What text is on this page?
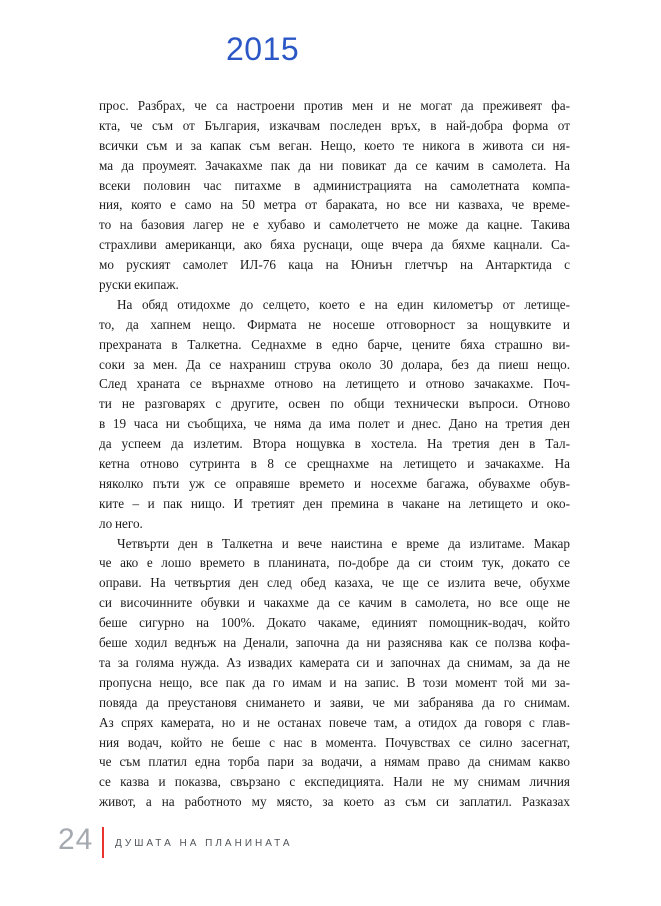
2015
прос. Разбрах, че са настроени против мен и не могат да преживеят фа-
кта, че съм от България, изкачвам последен връх, в най-добра форма от
всички съм и за капак съм веган. Нещо, което те никога в живота си ня-
ма да проумеят. Зачакахме пак да ни повикат да се качим в самолета. На
всеки половин час питахме в администрацията на самолетната компа-
ния, която е само на 50 метра от бараката, но все ни казваха, че време-
то на базовия лагер не е хубаво и самолетчето не може да кацне. Такива
страхливи американци, ако бяха руснаци, още вчера да бяхме кацнали. Са-
мо руският самолет ИЛ-76 каца на Юниън глетчър на Антарктида с
руски екипаж.
На обяд отидохме до селцето, което е на един километър от летище-
то, да хапнем нещо. Фирмата не носеше отговорност за нощувките и
прехраната в Талкетна. Седнахме в едно барче, цените бяха страшно ви-
соки за мен. Да се нахраниш струва около 30 долара, без да пиеш нещо.
След храната се върнахме отново на летището и отново зачакахме. Поч-
ти не разговарях с другите, освен по общи технически въпроси. Отново
в 19 часа ни съобщиха, че няма да има полет и днес. Дано на третия ден
да успеем да излетим. Втора нощувка в хостела. На третия ден в Тал-
кетна отново сутринта в 8 се срещнахме на летището и зачакахме. На
няколко пъти уж се оправяше времето и носехме багажа, обувахме обув-
ките – и пак нищо. И третият ден премина в чакане на летището и око-
ло него.
Четвърти ден в Талкетна и вече наистина е време да излитаме. Макар
че ако е лошо времето в планината, по-добре да си стоим тук, докато се
оправи. На четвъртия ден след обед казаха, че ще се излита вече, обухме
си височинните обувки и чакахме да се качим в самолета, но все още не
беше сигурно на 100%. Докато чакаме, единият помощник-водач, който
беше ходил веднъж на Денали, започна да ни разяснява как се ползва кофа-
та за голяма нужда. Аз извадих камерата си и започнах да снимам, за да не
пропусна нещо, все пак да го имам и на запис. В този момент той ми за-
повяда да преустановя снимането и заяви, че ми забранява да го снимам.
Аз спрях камерата, но и не останах повече там, а отидох да говоря с глав-
ния водач, който не беше с нас в момента. Почувствах се силно засегнат,
че съм платил една торба пари за водачи, а нямам право да снимам какво
се казва и показва, свързано с експедицията. Нали не му снимам личния
живот, а на работното му място, за което аз съм си заплатил. Разказах
24 ДУШАТА НА ПЛАНИНАТА
